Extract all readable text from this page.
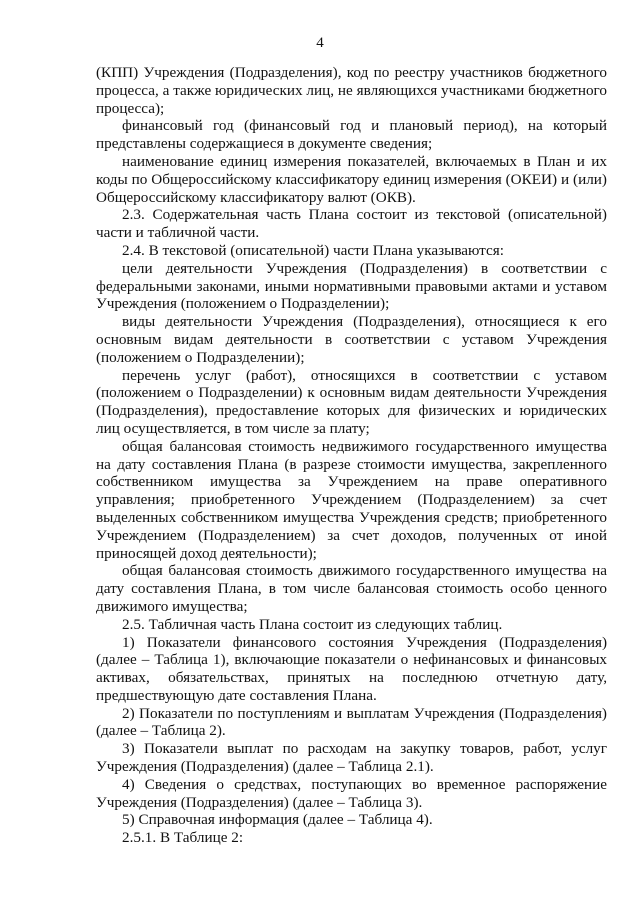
4

(КПП) Учреждения (Подразделения), код по реестру участников бюджетного процесса, а также юридических лиц, не являющихся участниками бюджетного процесса);

финансовый год (финансовый год и плановый период), на который представлены содержащиеся в документе сведения;

наименование единиц измерения показателей, включаемых в План и их коды по Общероссийскому классификатору единиц измерения (ОКЕИ) и (или) Общероссийскому классификатору валют (ОКВ).

2.3. Содержательная часть Плана состоит из текстовой (описательной) части и табличной части.

2.4. В текстовой (описательной) части Плана указываются:

цели деятельности Учреждения (Подразделения) в соответствии с федеральными законами, иными нормативными правовыми актами и уставом Учреждения (положением о Подразделении);

виды деятельности Учреждения (Подразделения), относящиеся к его основным видам деятельности в соответствии с уставом Учреждения (положением о Подразделении);

перечень услуг (работ), относящихся в соответствии с уставом (положением о Подразделении) к основным видам деятельности Учреждения (Подразделения), предоставление которых для физических и юридических лиц осуществляется, в том числе за плату;

общая балансовая стоимость недвижимого государственного имущества на дату составления Плана (в разрезе стоимости имущества, закрепленного собственником имущества за Учреждением на праве оперативного управления; приобретенного Учреждением (Подразделением) за счет выделенных собственником имущества Учреждения средств; приобретенного Учреждением (Подразделением) за счет доходов, полученных от иной приносящей доход деятельности);

общая балансовая стоимость движимого государственного имущества на дату составления Плана, в том числе балансовая стоимость особо ценного движимого имущества;

2.5. Табличная часть Плана состоит из следующих таблиц.

1) Показатели финансового состояния Учреждения (Подразделения) (далее – Таблица 1), включающие показатели о нефинансовых и финансовых активах, обязательствах, принятых на последнюю отчетную дату, предшествующую дате составления Плана.

2) Показатели по поступлениям и выплатам Учреждения (Подразделения) (далее – Таблица 2).

3) Показатели выплат по расходам на закупку товаров, работ, услуг Учреждения (Подразделения) (далее – Таблица 2.1).

4) Сведения о средствах, поступающих во временное распоряжение Учреждения (Подразделения) (далее – Таблица 3).

5) Справочная информация (далее – Таблица 4).

2.5.1. В Таблице 2:
